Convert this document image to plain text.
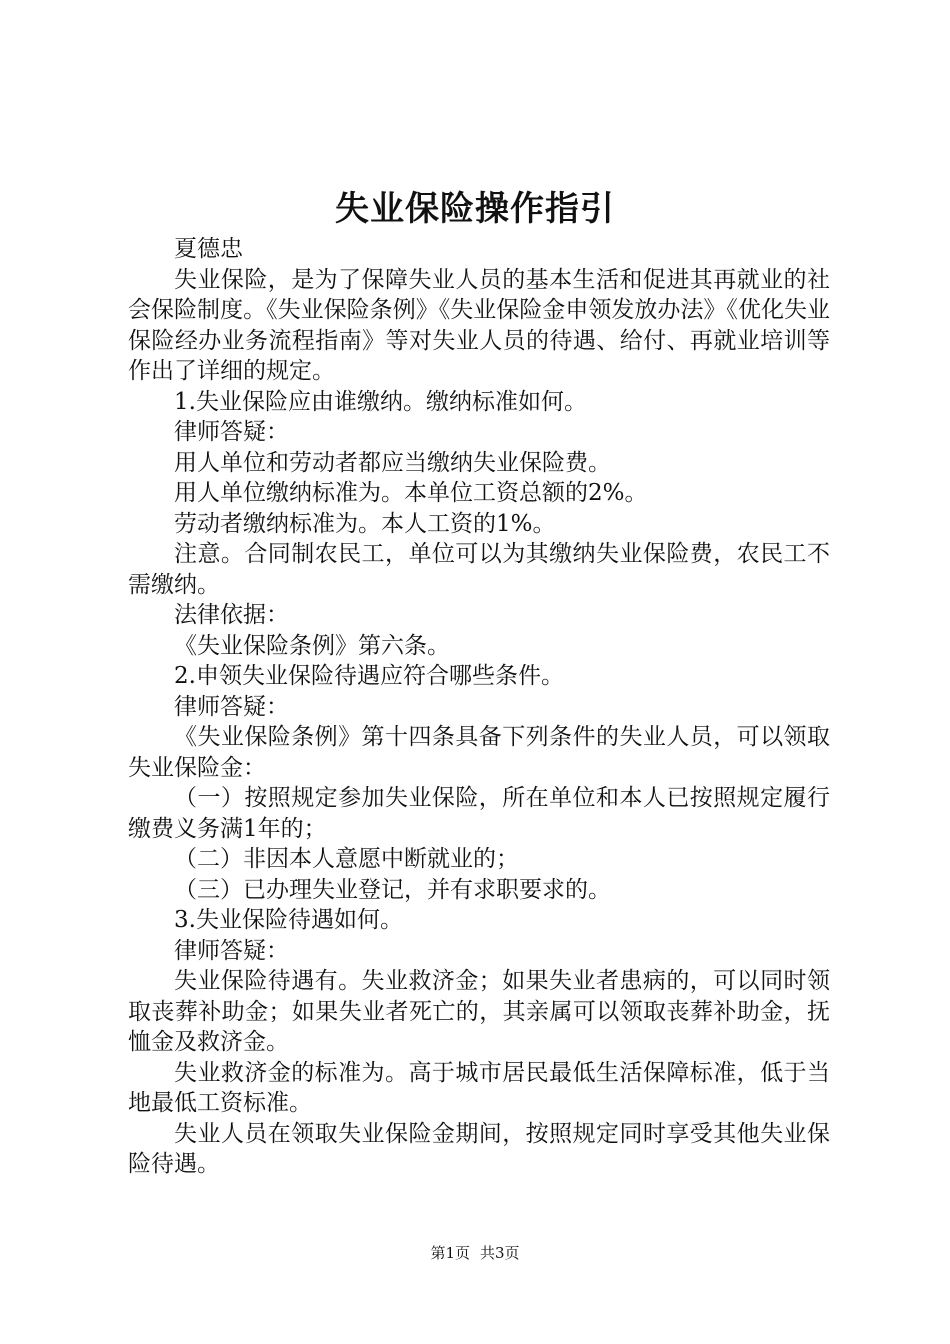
失业保险操作指引

夏德忠

失业保险，是为了保障失业人员的基本生活和促进其再就业的社会保险制度。《失业保险条例》《失业保险金申领发放办法》《优化失业保险经办业务流程指南》等对失业人员的待遇、给付、再就业培训等作出了详细的规定。

1.失业保险应由谁缴纳。缴纳标准如何。

律师答疑：

用人单位和劳动者都应当缴纳失业保险费。

用人单位缴纳标准为。本单位工资总额的2%。

劳动者缴纳标准为。本人工资的1%。

注意。合同制农民工，单位可以为其缴纳失业保险费，农民工不需缴纳。

法律依据：

《失业保险条例》第六条。

2.申领失业保险待遇应符合哪些条件。

律师答疑：

《失业保险条例》第十四条具备下列条件的失业人员，可以领取失业保险金：

（一）按照规定参加失业保险，所在单位和本人已按照规定履行缴费义务满1年的；

（二）非因本人意愿中断就业的；

（三）已办理失业登记，并有求职要求的。

3.失业保险待遇如何。

律师答疑：

失业保险待遇有。失业救济金；如果失业者患病的，可以同时领取丧葬补助金；如果失业者死亡的，其亲属可以领取丧葬补助金，抚恤金及救济金。

失业救济金的标准为。高于城市居民最低生活保障标准，低于当地最低工资标准。

失业人员在领取失业保险金期间，按照规定同时享受其他失业保险待遇。

第1页 共3页
